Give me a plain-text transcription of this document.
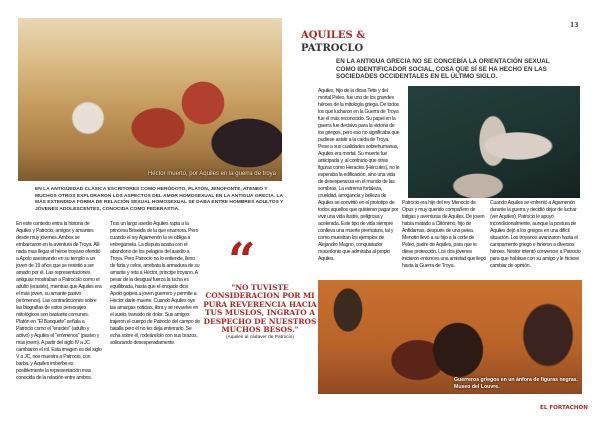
Héctor muerto, por Aquiles en la guerra de troya
EN LA ANTIGÜEDAD CLÁSICA ESCRITORES COMO HERÓDOTO, PLATÓN, JENOFONTE, ATENEO Y MUCHOS OTROS EXPLORARON LOS ASPECTOS DEL AMOR HOMOSEXUAL EN LA ANTIGUA GRECIA. LA MÁS EXTENDIDA FORMA DE RELACIÓN SEXUAL HOMOSEXUAL SE DABA ENTRE HOMBRES ADULTOS Y JÓVENES ADOLESCENTES, CONOCIDA COMO PEDERASTIA.
En este contexto entra la historia de Aquiles y Patrocio, amigos y amantes desde muy jóvenes. Ambos se embarcaron en la aventura de Troya. Allí nada mas llegar el héroe troyano ofendió a Apolo asesinando en su templo a un joven de 19 años que se resistió a ser amado por él. Las representaciones antiguas mostraban a Patrocolo como el adulto (erastés), mientras que Aquiles era el más joven, su amante pasivo (erómenos). Las contradicciones sobre las biografías de estos personajes mitológicos son bastante comunes. Platón en "El Banquete" señala a Patrocio como el "erastés" (adulto y activo) y Aquiles el "erómenos" (pasivo y mas joven). A partir del siglo IV a JC cambiaron el rol. Esta imagen es del siglo V a JC, nos muestra a Patrocio, con barba, y Aquiles imberbe es posiblemente la representación mas conocida de la relación entre ambos.
Tras un largo asedio Aquiles rapta a la princesa Briseida de la que enamora. Pero cuando el rey Agamenón la ve obliga a entregarsela. La disputa acaba con el abandono de los pelagios del asedio a Troya. Pero Patrocio no lo entiende, lleno de furia y celos, arrebata la armadura de su amante y reta a Héctor, príncipe troyano. A pesar de la desigual fuerza la lucha es equilibrada, hasta que el enojado dios Apolo golpea a joven guerrero y permite a Hector darle muerte. Cuando Aquiles oye las amargas noticias, llora y se revuelve en el suelo, transido de dolor. Sus amigos trajeron el cuerpo de Patroclo del campo de batalla pero él no les deja enterrarlo. Se echa sobre él, rodeándolo con sus brazos, sollozando desesperadamente.
“
"NO TUVISTE CONSIDERACION POR MI PURA REVERENCIA HACIA TUS MUSLOS, INGRATO A DESPECHO DE NUESTROS MUCHOS BESOS."
(Aquiles al cádaver de Patrocio)
13
AQUILES &
PATROCLO
EN LA ANTIGUA GRECIA NO SE CONCEBÍA LA ORIENTACIÓN SEXUAL COMO IDENTIFICADOR SOCIAL, COSA QUE SÍ SE HA HECHO EN LAS SOCIEDADES OCCIDENTALES EN EL ÚLTIMO SIGLO.
Aquiles, hijo de la diosa Tetis y del mortal Peleo, fue uno de los grandes héroes de la mitología griega. De todos los que lucharon en la Guerra de Troya fue el más reconocido. Su papel en la guerra fue decisivo para la victoria de los griegos, pero eso no significaba que pudiese asistir a la caída de Troya. Pese a sus cualidades sobrehumanas, Aquiles era mortal. Su muerte fue anticipada y, al contrario que otras figuras como Heracles (Hércules), no le esperaba la edificación, sino una vida de desesperanza en el mundo de las sombras. La extrema fortaleza, crueldad, arrogancia y belleza de Aquiles se convirtió en el prototipo de todos aquellos que quisieran pagar por vivir una vida ilustre, peligrosa y acelerada. Este tipo de vida siempre conlleva una muerte prematura, tal y como muestran los ejemplos de Alejandro Magno, conquistador macedonio que admiraba al propio Aquiles.
Patrocio era hijo del rey Menocio de Opus y muy querido compañero de fatigas y aventuras de Aquiles. De joven había matado a Clitónimo, hijo de Anfidamas, después de una pelea. Menotio llevó a su hijo a la corte de Peleo, padre de Aquiles, para que le diese protección. Los dos jóvenes iniciaron entonces una amistad que llegó hasta la Guerra de Troya.
Cuando Aquiles se enfrentó a Agamenón durante la guerra y decidió dejar de luchar (ver Aquiles), Patrocio le apoyó incondicionalmente, aunque la postura de Aquiles dejó a los griegos en una difícil situación. Los troyanos avanzaron hasta el campamento griego e hirieron a diversos héroes. Néstor intentó convencer a Patrocio para que hablase con su amigo y le hiciese cambiar de opinión.
Guerreros griegos en un ánfora de figuras negras. Museo del Louvre.
EL FORTACHÓN
